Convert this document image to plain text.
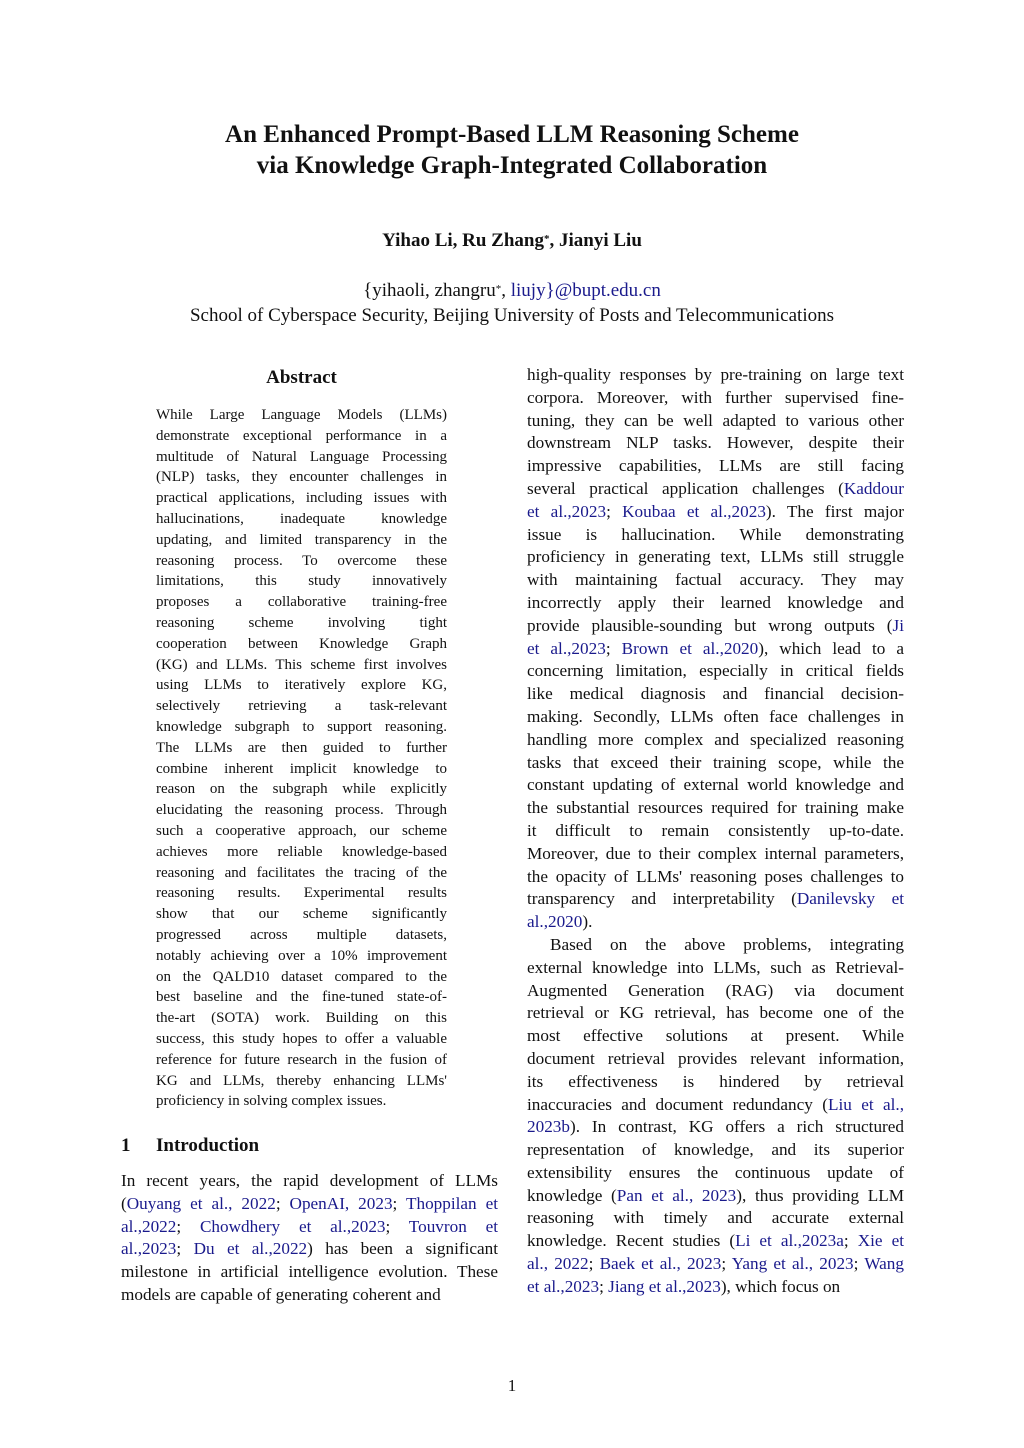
An Enhanced Prompt-Based LLM Reasoning Scheme
via Knowledge Graph-Integrated Collaboration
Yihao Li, Ru Zhang*, Jianyi Liu
{yihaoli, zhangru*, liujy}@bupt.edu.cn
School of Cyberspace Security, Beijing University of Posts and Telecommunications
Abstract
While Large Language Models (LLMs)
demonstrate exceptional performance in a
multitude of Natural Language Processing
(NLP) tasks, they encounter challenges in
practical applications, including issues with
hallucinations, inadequate knowledge
updating, and limited transparency in the
reasoning process. To overcome these
limitations, this study innovatively
proposes a collaborative training-free
reasoning scheme involving tight
cooperation between Knowledge Graph
(KG) and LLMs. This scheme first involves
using LLMs to iteratively explore KG,
selectively retrieving a task-relevant
knowledge subgraph to support reasoning.
The LLMs are then guided to further
combine inherent implicit knowledge to
reason on the subgraph while explicitly
elucidating the reasoning process. Through
such a cooperative approach, our scheme
achieves more reliable knowledge-based
reasoning and facilitates the tracing of the
reasoning results. Experimental results
show that our scheme significantly
progressed across multiple datasets,
notably achieving over a 10% improvement
on the QALD10 dataset compared to the
best baseline and the fine-tuned state-of-
the-art (SOTA) work. Building on this
success, this study hopes to offer a valuable
reference for future research in the fusion of
KG and LLMs, thereby enhancing LLMs'
proficiency in solving complex issues.
1 Introduction
In recent years, the rapid development of LLMs
(Ouyang et al., 2022; OpenAI, 2023; Thoppilan et
al.,2022; Chowdhery et al.,2023; Touvron et
al.,2023; Du et al.,2022) has been a significant
milestone in artificial intelligence evolution. These
models are capable of generating coherent and
high-quality responses by pre-training on large text
corpora. Moreover, with further supervised fine-
tuning, they can be well adapted to various other
downstream NLP tasks. However, despite their
impressive capabilities, LLMs are still facing
several practical application challenges (Kaddour
et al.,2023; Koubaa et al.,2023). The first major
issue is hallucination. While demonstrating
proficiency in generating text, LLMs still struggle
with maintaining factual accuracy. They may
incorrectly apply their learned knowledge and
provide plausible-sounding but wrong outputs (Ji
et al.,2023; Brown et al.,2020), which lead to a
concerning limitation, especially in critical fields
like medical diagnosis and financial decision-
making. Secondly, LLMs often face challenges in
handling more complex and specialized reasoning
tasks that exceed their training scope, while the
constant updating of external world knowledge and
the substantial resources required for training make
it difficult to remain consistently up-to-date.
Moreover, due to their complex internal parameters,
the opacity of LLMs' reasoning poses challenges to
transparency and interpretability (Danilevsky et
al.,2020).
Based on the above problems, integrating
external knowledge into LLMs, such as Retrieval-
Augmented Generation (RAG) via document
retrieval or KG retrieval, has become one of the
most effective solutions at present. While
document retrieval provides relevant information,
its effectiveness is hindered by retrieval
inaccuracies and document redundancy (Liu et al.,
2023b). In contrast, KG offers a rich structured
representation of knowledge, and its superior
extensibility ensures the continuous update of
knowledge (Pan et al., 2023), thus providing LLM
reasoning with timely and accurate external
knowledge. Recent studies (Li et al.,2023a; Xie et
al., 2022; Baek et al., 2023; Yang et al., 2023; Wang
et al.,2023; Jiang et al.,2023), which focus on
1
